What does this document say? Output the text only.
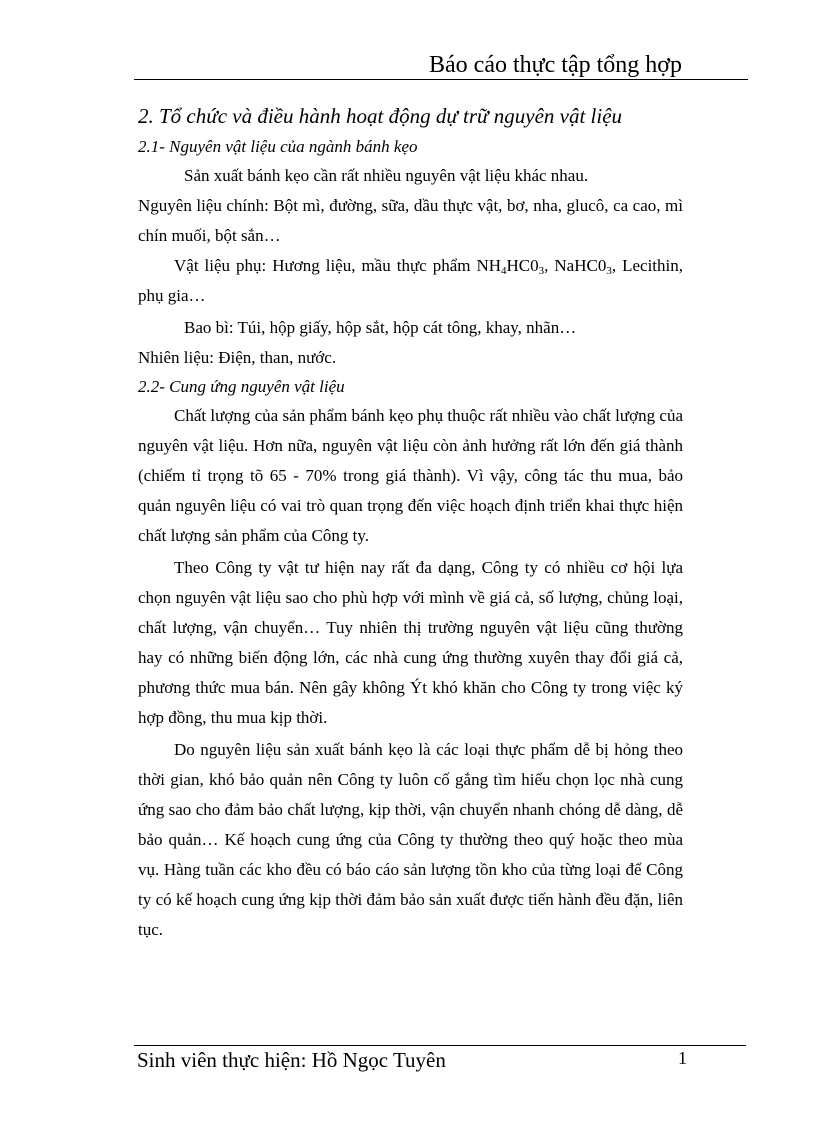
Báo cáo thực tập tổng hợp
2. Tổ chức và điều hành hoạt động dự trữ nguyên vật liệu
2.1- Nguyên vật liệu của ngành bánh kẹo

Sản xuất bánh kẹo cần rất nhiều nguyên vật liệu khác nhau.

Nguyên liệu chính: Bột mì, đường, sữa, dầu thực vật, bơ, nha, glucô, ca cao, mì chín muối, bột sắn…

Vật liệu phụ: Hương liệu, mầu thực phẩm $NH_4HC0_3$, $NaHC0_3$, Lecithin, phụ gia…

Bao bì: Túi, hộp giấy, hộp sắt, hộp cát tông, khay, nhãn…

Nhiên liệu: Điện, than, nước.

2.2- Cung ứng nguyên vật liệu

Chất lượng của sản phẩm bánh kẹo phụ thuộc rất nhiều vào chất lượng của nguyên vật liệu. Hơn nữa, nguyên vật liệu còn ảnh hưởng rất lớn đến giá thành (chiếm tỉ trọng tõ 65 - 70% trong giá thành). Vì vậy, công tác thu mua, bảo quản nguyên liệu có vai trò quan trọng đến việc hoạch định triển khai thực hiện chất lượng sản phẩm của Công ty.

Theo Công ty vật tư hiện nay rất đa dạng, Công ty có nhiều cơ hội lựa chọn nguyên vật liệu sao cho phù hợp với mình về giá cả, số lượng, chủng loại, chất lượng, vận chuyển… Tuy nhiên thị trường nguyên vật liệu cũng thường hay có những biến động lớn, các nhà cung ứng thường xuyên thay đổi giá cả, phương thức mua bán. Nên gây không Ýt khó khăn cho Công ty trong việc ký hợp đồng, thu mua kịp thời.

Do nguyên liệu sản xuất bánh kẹo là các loại thực phẩm dễ bị hỏng theo thời gian, khó bảo quản nên Công ty luôn cố gắng tìm hiểu chọn lọc nhà cung ứng sao cho đảm bảo chất lượng, kịp thời, vận chuyển nhanh chóng dễ dàng, dễ bảo quản… Kế hoạch cung ứng của Công ty thường theo quý hoặc theo mùa vụ. Hàng tuần các kho đều có báo cáo sản lượng tồn kho của từng loại để Công ty có kế hoạch cung ứng kịp thời đảm bảo sản xuất được tiến hành đều đặn, liên tục.

Sinh viên thực hiện: Hồ Ngọc Tuyên	1
